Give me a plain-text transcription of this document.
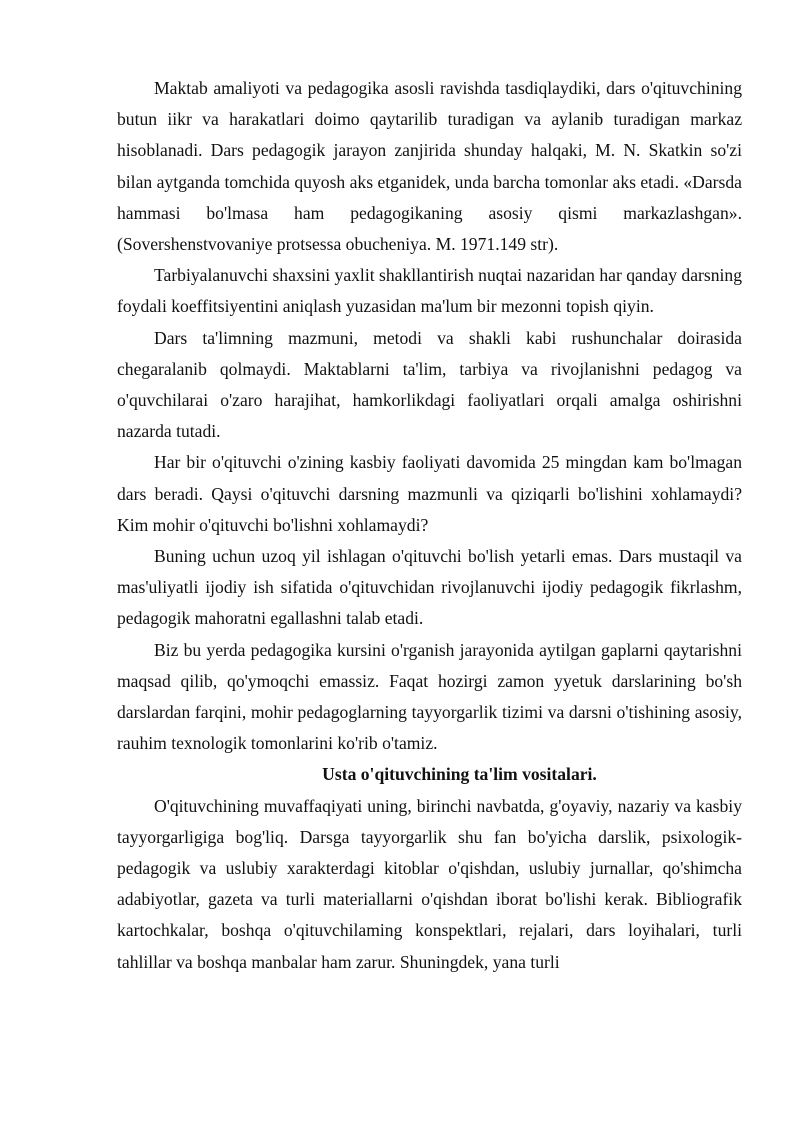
Maktab amaliyoti va pedagogika asosli ravishda tasdiqlaydiki, dars o'qituvchining butun iikr va harakatlari doimo qaytarilib turadigan va aylanib turadigan markaz hisoblanadi. Dars pedagogik jarayon zanjirida shunday halqaki, M. N. Skatkin so'zi bilan aytganda tomchida quyosh aks etganidek, unda barcha tomonlar aks etadi. «Darsda hammasi bo'lmasa ham pedagogikaning asosiy qismi markazlashgan». (Sovershenstvovaniye protsessa obucheniya. M. 1971.149 str).

Tarbiyalanuvchi shaxsini yaxlit shakllantirish nuqtai nazaridan har qanday darsning foydali koeffitsiyentini aniqlash yuzasidan ma'lum bir mezonni topish qiyin.

Dars ta'limning mazmuni, metodi va shakli kabi rushunchalar doirasida chegaralanib qolmaydi. Maktablarni ta'lim, tarbiya va rivojlanishni pedagog va o'quvchilarai o'zaro harajihat, hamkorlikdagi faoliyatlari orqali amalga oshirishni nazarda tutadi.

Har bir o'qituvchi o'zining kasbiy faoliyati davomida 25 mingdan kam bo'lmagan dars beradi. Qaysi o'qituvchi darsning mazmunli va qiziqarli bo'lishini xohlamaydi? Kim mohir o'qituvchi bo'lishni xohlamaydi?

Buning uchun uzoq yil ishlagan o'qituvchi bo'lish yetarli emas. Dars mustaqil va mas'uliyatli ijodiy ish sifatida o'qituvchidan rivojlanuvchi ijodiy pedagogik fikrlashm, pedagogik mahoratni egallashni talab etadi.

Biz bu yerda pedagogika kursini o'rganish jarayonida aytilgan gaplarni qaytarishni maqsad qilib, qo'ymoqchi emassiz. Faqat hozirgi zamon yyetuk darslarining bo'sh darslardan farqini, mohir pedagoglarning tayyorgarlik tizimi va darsni o'tishining asosiy, rauhim texnologik tomonlarini ko'rib o'tamiz.

Usta o'qituvchining ta'lim vositalari.

O'qituvchining muvaffaqiyati uning, birinchi navbatda, g'oyaviy, nazariy va kasbiy tayyorgarligiga bog'liq. Darsga tayyorgarlik shu fan bo'yicha darslik, psixologik-pedagogik va uslubiy xarakterdagi kitoblar o'qishdan, uslubiy jurnallar, qo'shimcha adabiyotlar, gazeta va turli materiallarni o'qishdan iborat bo'lishi kerak. Bibliografik kartochkalar, boshqa o'qituvchilaming konspektlari, rejalari, dars loyihalari, turli tahlillar va boshqa manbalar ham zarur. Shuningdek, yana turli
